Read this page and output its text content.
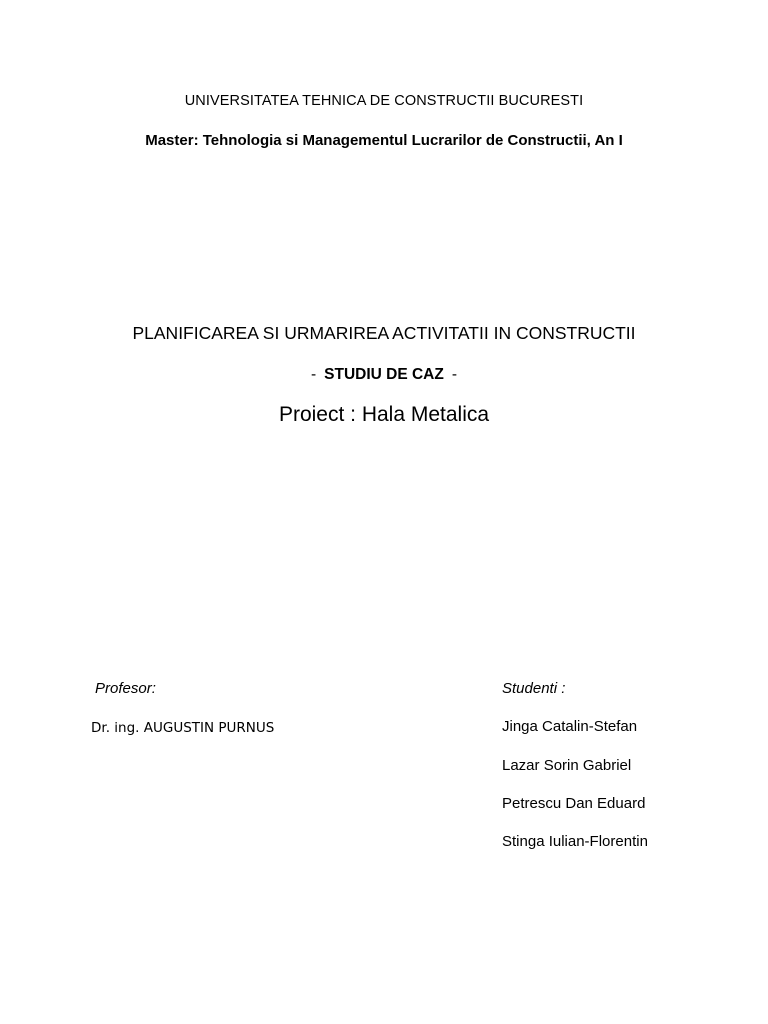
UNIVERSITATEA TEHNICA DE CONSTRUCTII BUCURESTI
Master: Tehnologia si Managementul Lucrarilor de Constructii, An I
PLANIFICAREA SI URMARIREA ACTIVITATII IN CONSTRUCTII
- STUDIU DE CAZ -
Proiect : Hala Metalica
Profesor:
Dr. ing. AUGUSTIN PURNUS
Studenti :
Jinga Catalin-Stefan
Lazar Sorin Gabriel
Petrescu Dan Eduard
Stinga Iulian-Florentin
